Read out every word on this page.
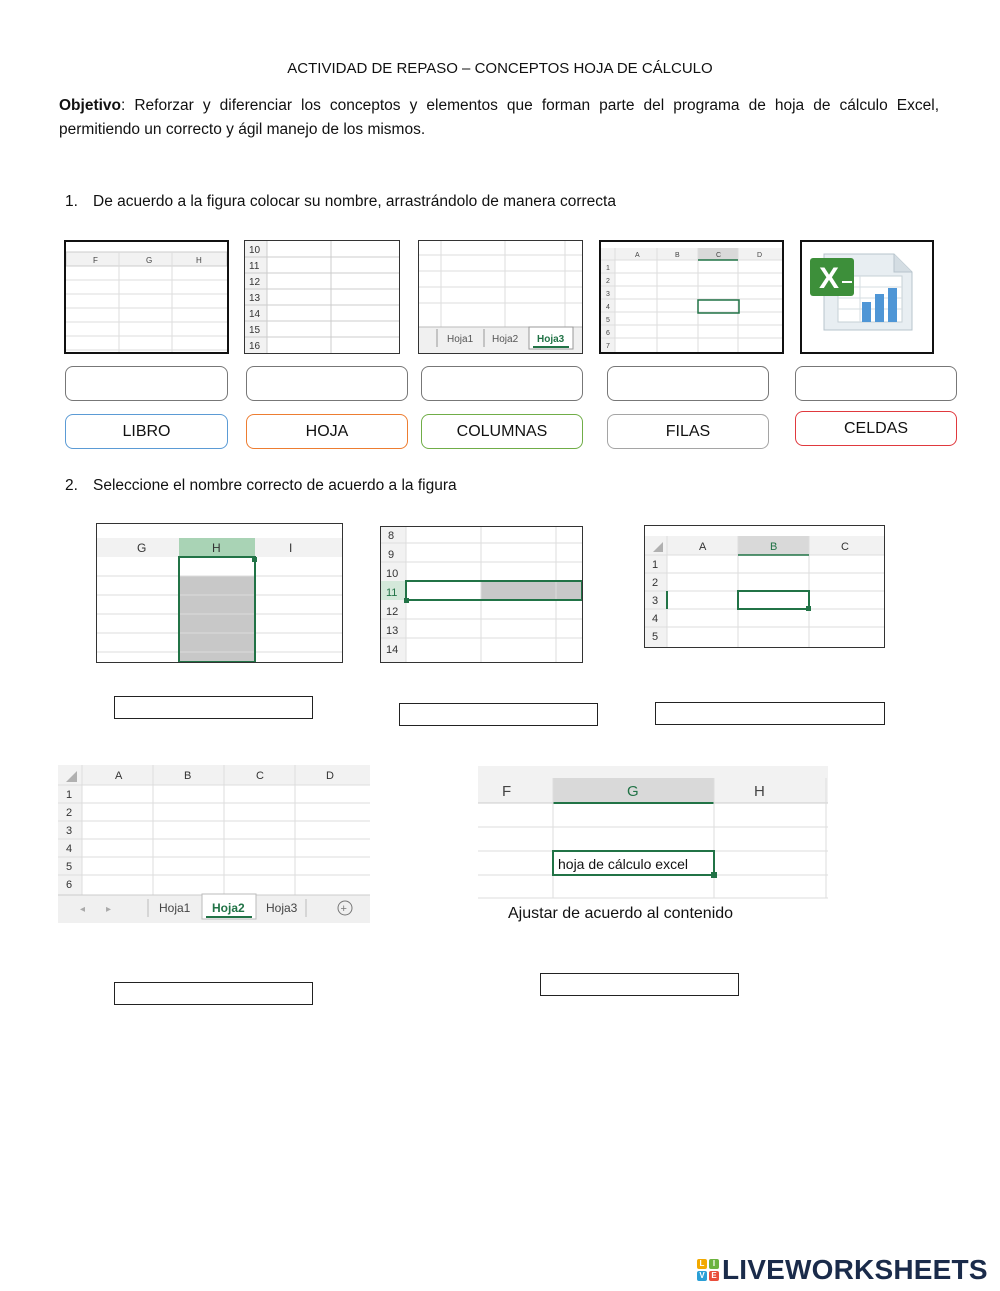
ACTIVIDAD DE REPASO – CONCEPTOS HOJA DE CÁLCULO
Objetivo: Reforzar y diferenciar los conceptos y elementos que forman parte del programa de hoja de cálculo Excel, permitiendo un correcto y ágil manejo de los mismos.
1. De acuerdo a la figura colocar su nombre, arrastrándolo de manera correcta
F	G	H
10
11
12
13
14
15
16
Hoja1 Hoja2 Hoja3
A	B	C	D
1
2
3
4
5
6
7
X
LIBRO	HOJA	COLUMNAS	FILAS	CELDAS
2. Seleccione el nombre correcto de acuerdo a la figura
G	H	I
8
9
10
11
12
13
14
A	B	C
1
2
3
4
5
A	B	C	D
1
2
3
4
5
6
◂ ▸	Hoja1 Hoja2 Hoja3	+
F	G	H
hoja de cálculo excel
Ajustar de acuerdo al contenido
L	I
V E LIVEWORKSHEETS
